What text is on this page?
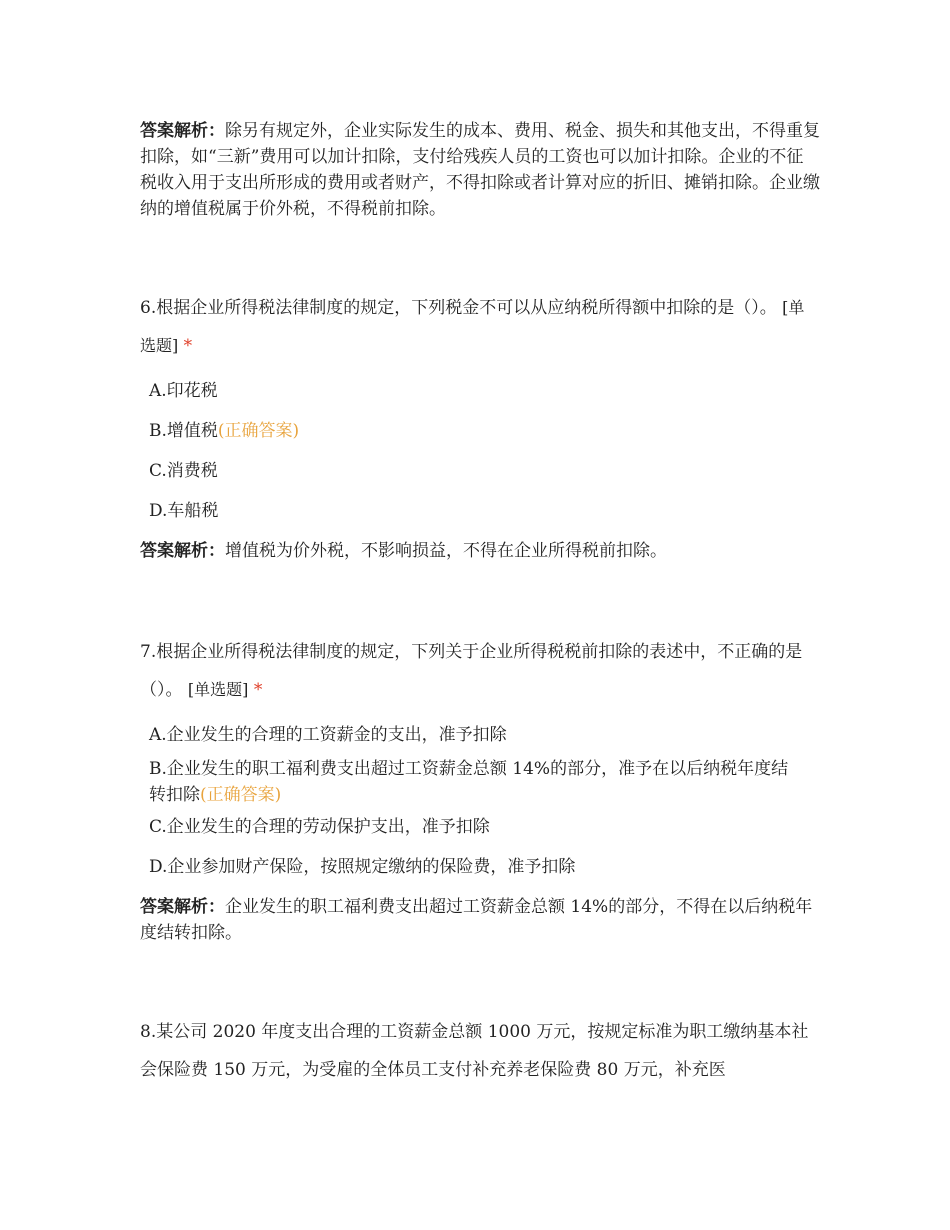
答案解析：除另有规定外，企业实际发生的成本、费用、税金、损失和其他支出，不得重复扣除，如“三新”费用可以加计扣除，支付给残疾人员的工资也可以加计扣除。企业的不征税收入用于支出所形成的费用或者财产，不得扣除或者计算对应的折旧、摊销扣除。企业缴纳的增值税属于价外税，不得税前扣除。
6.根据企业所得税法律制度的规定，下列税金不可以从应纳税所得额中扣除的是（）。 [单选题] *
A.印花税
B.增值税(正确答案)
C.消费税
D.车船税
答案解析：增值税为价外税，不影响损益，不得在企业所得税前扣除。
7.根据企业所得税法律制度的规定，下列关于企业所得税税前扣除的表述中，不正确的是（）。 [单选题] *
A.企业发生的合理的工资薪金的支出，准予扣除
B.企业发生的职工福利费支出超过工资薪金总额 14%的部分，准予在以后纳税年度结转扣除(正确答案)
C.企业发生的合理的劳动保护支出，准予扣除
D.企业参加财产保险，按照规定缴纳的保险费，准予扣除
答案解析：企业发生的职工福利费支出超过工资薪金总额 14%的部分，不得在以后纳税年度结转扣除。
8.某公司 2020 年度支出合理的工资薪金总额 1000 万元，按规定标准为职工缴纳基本社会保险费 150 万元，为受雇的全体员工支付补充养老保险费 80 万元，补充医
